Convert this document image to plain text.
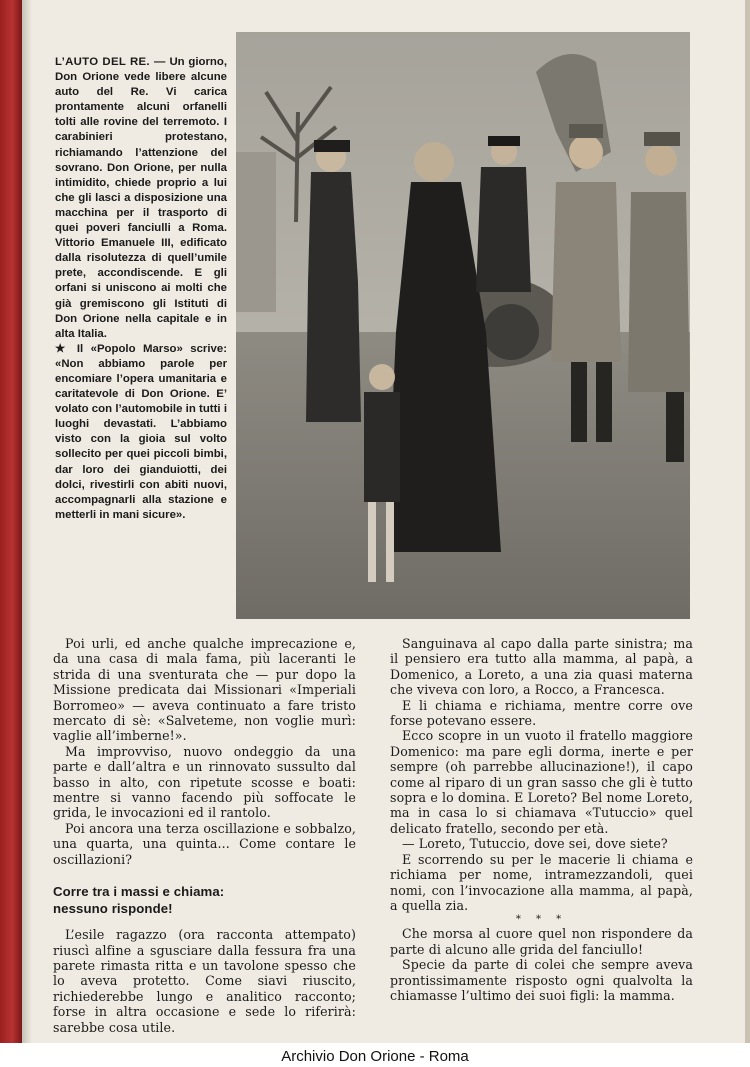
L’AUTO DEL RE. — Un giorno, Don Orione vede libere alcune auto del Re. Vi carica prontamente alcuni orfanelli tolti alle rovine del terremoto. I carabinieri protestano, richiamando l’attenzione del sovrano. Don Orione, per nulla intimidito, chiede proprio a lui che gli lasci a disposizione una macchina per il trasporto di quei poveri fanciulli a Roma. Vittorio Emanuele III, edificato dalla risolutezza di quell’umile prete, accondiscende. E gli orfani si uniscono ai molti che già gremiscono gli Istituti di Don Orione nella capitale e in alta Italia.

★ Il «Popolo Marso» scrive: «Non abbiamo parole per encomiare l’opera umanitaria e caritatevole di Don Orione. E’ volato con l’automobile in tutti i luoghi devastati. L’abbiamo visto con la gioia sul volto sollecito per quei piccoli bimbi, dar loro dei gianduiotti, dei dolci, rivestirli con abiti nuovi, accompagnarli alla stazione e metterli in mani sicure».

Poi urli, ed anche qualche imprecazione e, da una casa di mala fama, più laceranti le strida di una sventurata che — pur dopo la Missione predicata dai Missionari «Imperiali Borromeo» — aveva continuato a fare tristo mercato di sè: «Salveteme, non voglie murì: vaglie all’imberne!».

Ma improvviso, nuovo ondeggio da una parte e dall’altra e un rinnovato sussulto dal basso in alto, con ripetute scosse e boati: mentre si vanno facendo più soffocate le grida, le invocazioni ed il rantolo.

Poi ancora una terza oscillazione e sobbalzo, una quarta, una quinta... Come contare le oscillazioni?

Corre tra i massi e chiama:
nessuno risponde!

L’esile ragazzo (ora racconta attempato) riuscì alfine a sgusciare dalla fessura fra una parete rimasta ritta e un tavolone spesso che lo aveva protetto. Come siavi riuscito, richiederebbe lungo e analitico racconto; forse in altra occasione e sede lo riferirà: sarebbe cosa utile.

Sanguinava al capo dalla parte sinistra; ma il pensiero era tutto alla mamma, al papà, a Domenico, a Loreto, a una zia quasi materna che viveva con loro, a Rocco, a Francesca.

E li chiama e richiama, mentre corre ove forse potevano essere.

Ecco scopre in un vuoto il fratello maggiore Domenico: ma pare egli dorma, inerte e per sempre (oh parrebbe allucinazione!), il capo come al riparo di un gran sasso che gli è tutto sopra e lo domina. E Loreto? Bel nome Loreto, ma in casa lo si chiamava «Tutuccio» quel delicato fratello, secondo per età.

— Loreto, Tutuccio, dove sei, dove siete?

E scorrendo su per le macerie li chiama e richiama per nome, intramezzandoli, quei nomi, con l’invocazione alla mamma, al papà, a quella zia.

* * *

Che morsa al cuore quel non rispondere da parte di alcuno alle grida del fanciullo!

Specie da parte di colei che sempre aveva prontissimamente risposto ogni qualvolta la chiamasse l’ultimo dei suoi figli: la mamma.

Archivio Don Orione - Roma
